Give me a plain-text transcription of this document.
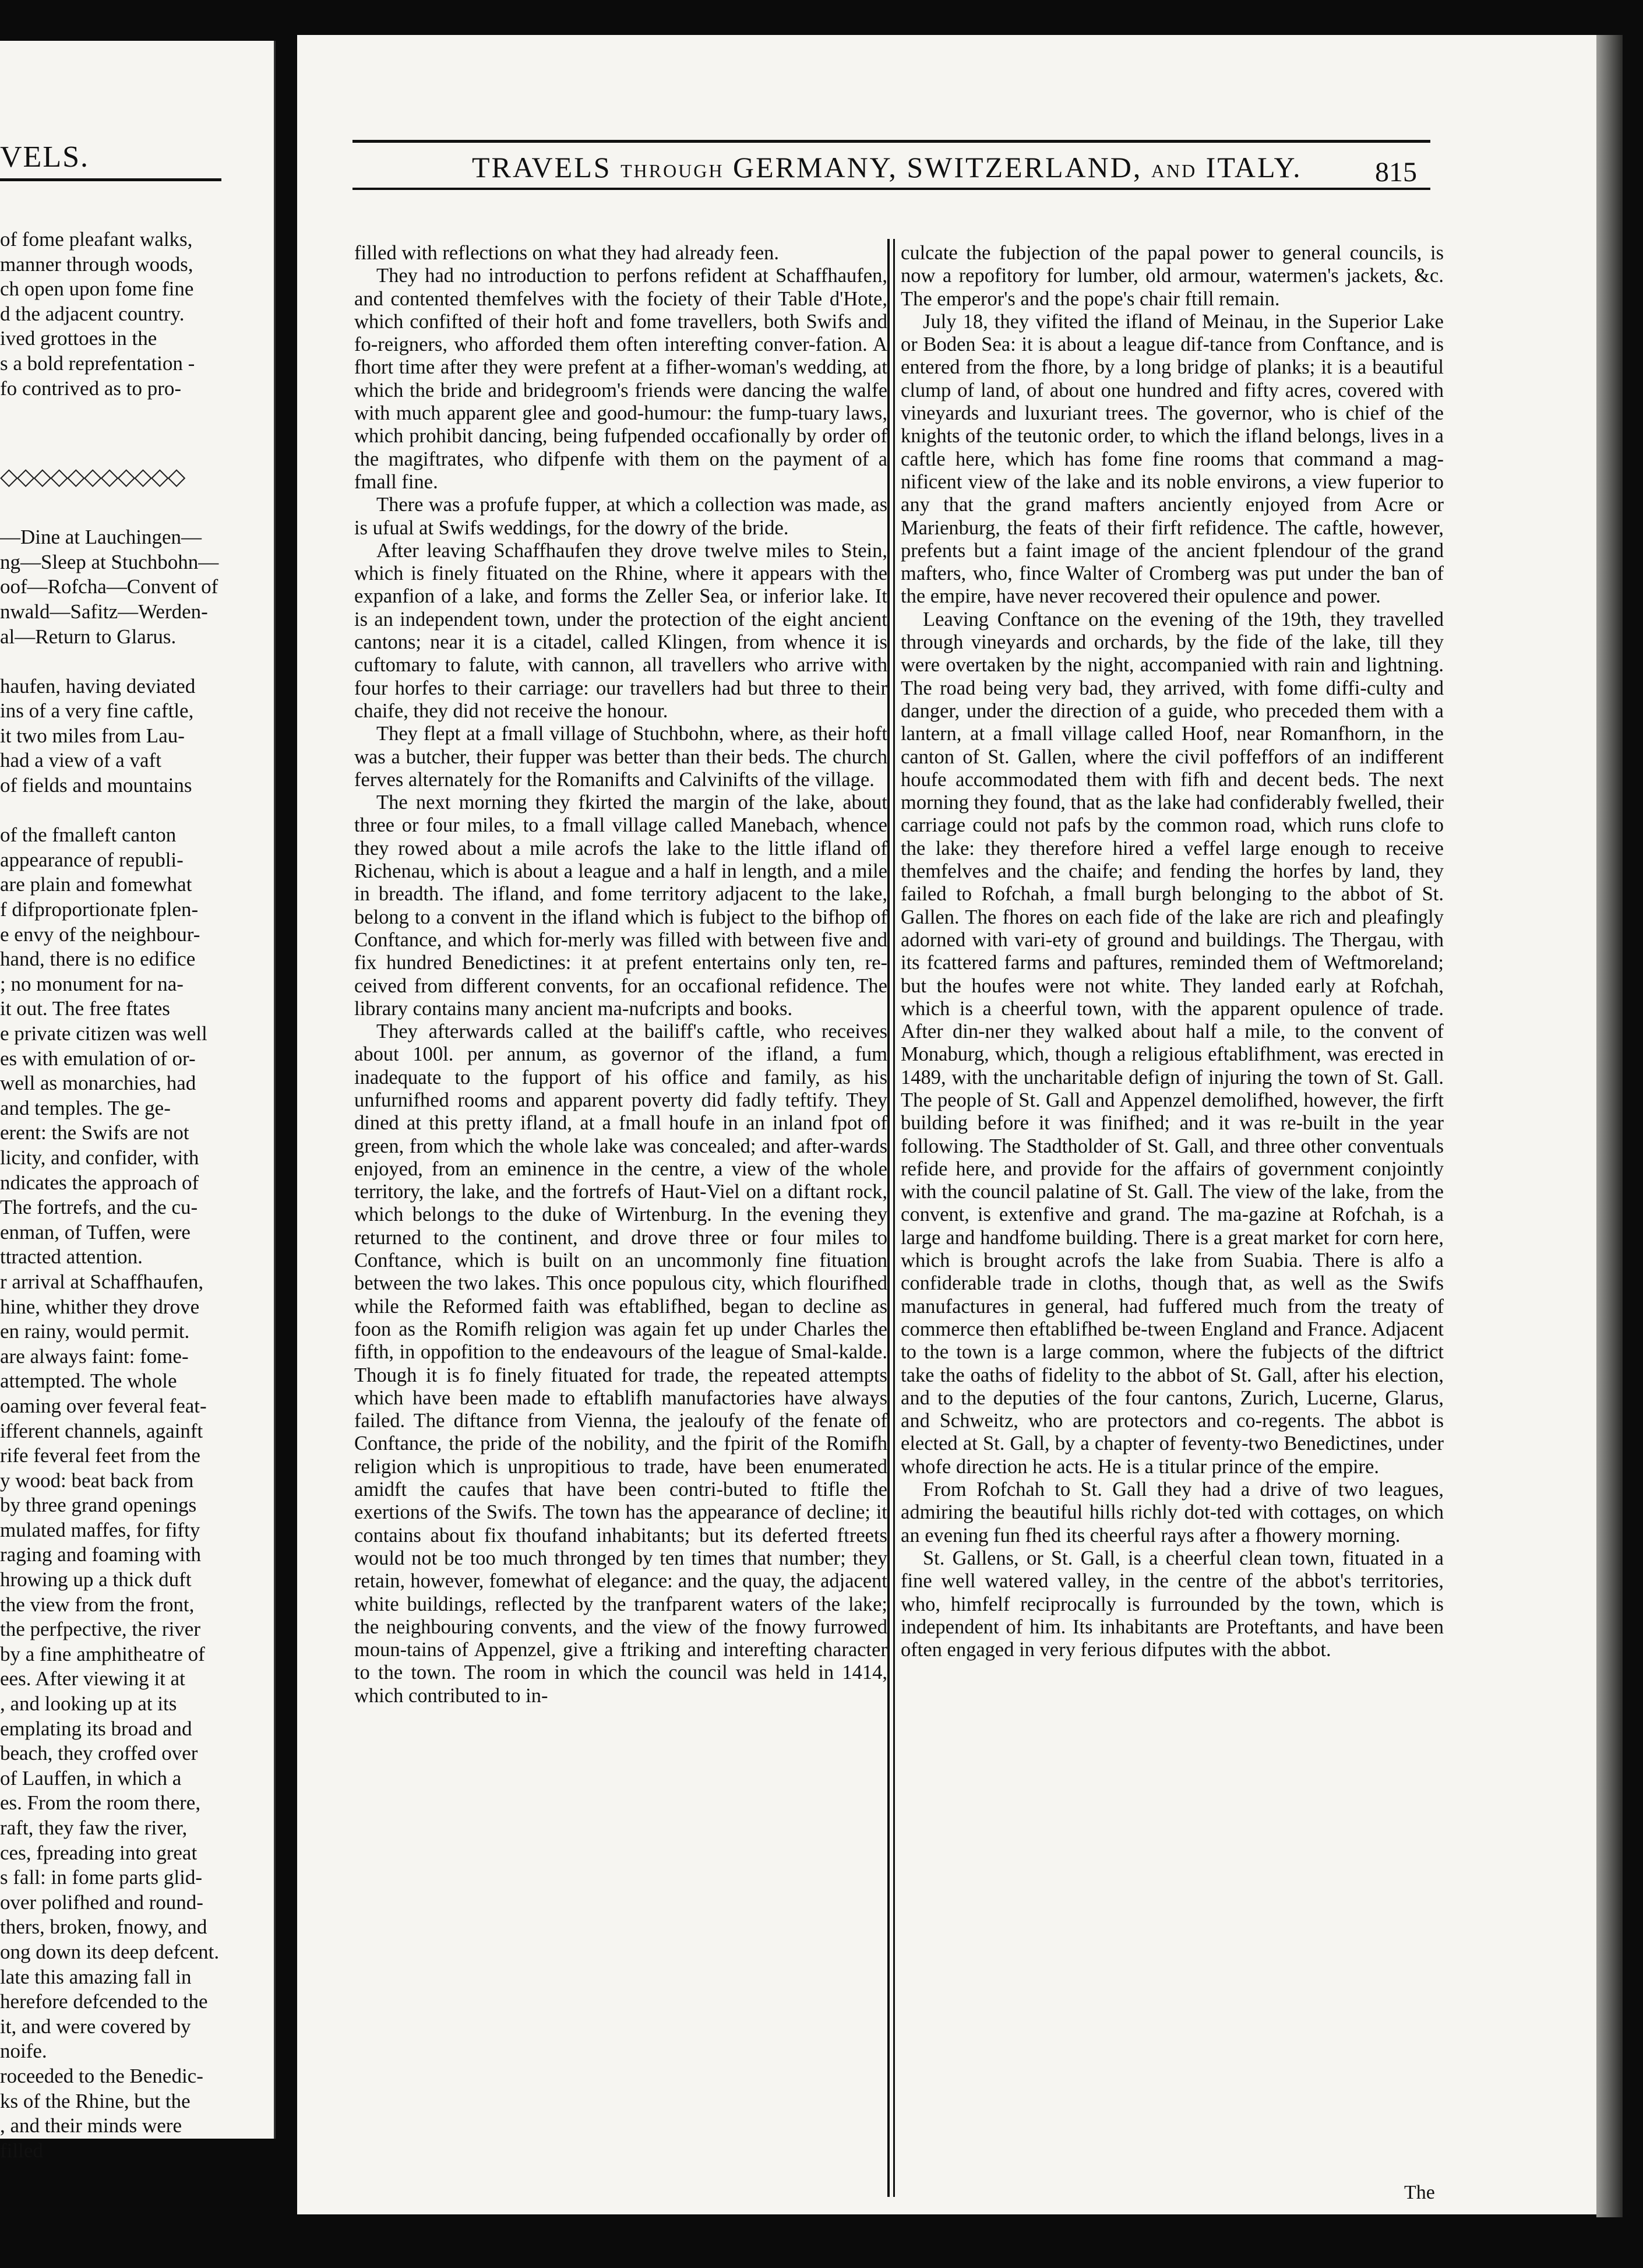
VELS.
◇◇◇◇◇◇◇◇◇◇◇

of fome pleafant walks,

manner through woods,

ch open upon fome fine

d the adjacent country.

ived grottoes in the

s a bold reprefentation -

fo contrived as to pro-

—Dine at Lauchingen—

ng—Sleep at Stuchbohn—

oof—Rofcha—Convent of

nwald—Safitz—Werden-

al—Return to Glarus.

haufen, having deviated

ins of a very fine caftle,

it two miles from Lau-

had a view of a vaft

of fields and mountains

of the fmalleft canton

appearance of republi-

are plain and fomewhat

f difproportionate fplen-

e envy of the neighbour-

hand, there is no edifice

; no monument for na-

it out. The free ftates

e private citizen was well

es with emulation of or-

well as monarchies, had

and temples. The ge-

erent: the Swifs are not

licity, and confider, with

ndicates the approach of

The fortrefs, and the cu-

enman, of Tuffen, were

ttracted attention.

r arrival at Schaffhaufen,

hine, whither they drove

en rainy, would permit.

are always faint: fome-

attempted. The whole

oaming over feveral feat-

ifferent channels, againft

rife feveral feet from the

y wood: beat back from

by three grand openings

mulated maffes, for fifty

raging and foaming with

hrowing up a thick duft

the view from the front,

the perfpective, the river

by a fine amphitheatre of

ees. After viewing it at

, and looking up at its

emplating its broad and

beach, they croffed over

of Lauffen, in which a

es. From the room there,

raft, they faw the river,

ces, fpreading into great

s fall: in fome parts glid-

over polifhed and round-

thers, broken, fnowy, and

ong down its deep defcent.

late this amazing fall in

herefore defcended to the

it, and were covered by

noife.

roceeded to the Benedic-

ks of the Rhine, but the

, and their minds were

filled

TRAVELS THROUGH GERMANY, SWITZERLAND, AND ITALY.	815

filled with reflections on what they had already feen.

They had no introduction to perfons refident at Schaffhaufen, and contented themfelves with the fociety of their Table d'Hote, which confifted of their hoft and fome travellers, both Swifs and fo-reigners, who afforded them often interefting conver-fation. A fhort time after they were prefent at a fifher-woman's wedding, at which the bride and bridegroom's friends were dancing the walfe with much apparent glee and good-humour: the fump-tuary laws, which prohibit dancing, being fufpended occafionally by order of the magiftrates, who difpenfe with them on the payment of a fmall fine.

There was a profufe fupper, at which a collection was made, as is ufual at Swifs weddings, for the dowry of the bride.

After leaving Schaffhaufen they drove twelve miles to Stein, which is finely fituated on the Rhine, where it appears with the expanfion of a lake, and forms the Zeller Sea, or inferior lake. It is an independent town, under the protection of the eight ancient cantons; near it is a citadel, called Klingen, from whence it is cuftomary to falute, with cannon, all travellers who arrive with four horfes to their carriage: our travellers had but three to their chaife, they did not receive the honour.

They flept at a fmall village of Stuchbohn, where, as their hoft was a butcher, their fupper was better than their beds. The church ferves alternately for the Romanifts and Calvinifts of the village.

The next morning they fkirted the margin of the lake, about three or four miles, to a fmall village called Manebach, whence they rowed about a mile acrofs the lake to the little ifland of Richenau, which is about a league and a half in length, and a mile in breadth. The ifland, and fome territory adjacent to the lake, belong to a convent in the ifland which is fubject to the bifhop of Conftance, and which for-merly was filled with between five and fix hundred Benedictines: it at prefent entertains only ten, re-ceived from different convents, for an occafional refidence. The library contains many ancient ma-nufcripts and books.

They afterwards called at the bailiff's caftle, who receives about 100l. per annum, as governor of the ifland, a fum inadequate to the fupport of his office and family, as his unfurnifhed rooms and apparent poverty did fadly teftify. They dined at this pretty ifland, at a fmall houfe in an inland fpot of green, from which the whole lake was concealed; and after-wards enjoyed, from an eminence in the centre, a view of the whole territory, the lake, and the fortrefs of Haut-Viel on a diftant rock, which belongs to the duke of Wirtenburg. In the evening they returned to the continent, and drove three or four miles to Conftance, which is built on an uncommonly fine fituation between the two lakes. This once populous city, which flourifhed while the Reformed faith was eftablifhed, began to decline as foon as the Romifh religion was again fet up under Charles the fifth, in oppofition to the endeavours of the league of Smal-kalde. Though it is fo finely fituated for trade, the repeated attempts which have been made to eftablifh manufactories have always failed. The diftance from Vienna, the jealoufy of the fenate of Conftance, the pride of the nobility, and the fpirit of the Romifh religion which is unpropitious to trade, have been enumerated amidft the caufes that have been contri-buted to ftifle the exertions of the Swifs. The town has the appearance of decline; it contains about fix thoufand inhabitants; but its deferted ftreets would not be too much thronged by ten times that number; they retain, however, fomewhat of elegance: and the quay, the adjacent white buildings, reflected by the tranfparent waters of the lake; the neighbouring convents, and the view of the fnowy furrowed moun-tains of Appenzel, give a ftriking and interefting character to the town. The room in which the council was held in 1414, which contributed to in-

culcate the fubjection of the papal power to general councils, is now a repofitory for lumber, old armour, watermen's jackets, &c. The emperor's and the pope's chair ftill remain.

July 18, they vifited the ifland of Meinau, in the Superior Lake or Boden Sea: it is about a league dif-tance from Conftance, and is entered from the fhore, by a long bridge of planks; it is a beautiful clump of land, of about one hundred and fifty acres, covered with vineyards and luxuriant trees. The governor, who is chief of the knights of the teutonic order, to which the ifland belongs, lives in a caftle here, which has fome fine rooms that command a mag-nificent view of the lake and its noble environs, a view fuperior to any that the grand mafters anciently enjoyed from Acre or Marienburg, the feats of their firft refidence. The caftle, however, prefents but a faint image of the ancient fplendour of the grand mafters, who, fince Walter of Cromberg was put under the ban of the empire, have never recovered their opulence and power.

Leaving Conftance on the evening of the 19th, they travelled through vineyards and orchards, by the fide of the lake, till they were overtaken by the night, accompanied with rain and lightning. The road being very bad, they arrived, with fome diffi-culty and danger, under the direction of a guide, who preceded them with a lantern, at a fmall village called Hoof, near Romanfhorn, in the canton of St. Gallen, where the civil poffeffors of an indifferent houfe accommodated them with fifh and decent beds. The next morning they found, that as the lake had confiderably fwelled, their carriage could not pafs by the common road, which runs clofe to the lake: they therefore hired a veffel large enough to receive themfelves and the chaife; and fending the horfes by land, they failed to Rofchah, a fmall burgh belonging to the abbot of St. Gallen. The fhores on each fide of the lake are rich and pleafingly adorned with vari-ety of ground and buildings. The Thergau, with its fcattered farms and paftures, reminded them of Weftmoreland; but the houfes were not white. They landed early at Rofchah, which is a cheerful town, with the apparent opulence of trade. After din-ner they walked about half a mile, to the convent of Monaburg, which, though a religious eftablifhment, was erected in 1489, with the uncharitable defign of injuring the town of St. Gall. The people of St. Gall and Appenzel demolifhed, however, the firft building before it was finifhed; and it was re-built in the year following. The Stadtholder of St. Gall, and three other conventuals refide here, and provide for the affairs of government conjointly with the council palatine of St. Gall. The view of the lake, from the convent, is extenfive and grand. The ma-gazine at Rofchah, is a large and handfome building. There is a great market for corn here, which is brought acrofs the lake from Suabia. There is alfo a confiderable trade in cloths, though that, as well as the Swifs manufactures in general, had fuffered much from the treaty of commerce then eftablifhed be-tween England and France. Adjacent to the town is a large common, where the fubjects of the diftrict take the oaths of fidelity to the abbot of St. Gall, after his election, and to the deputies of the four cantons, Zurich, Lucerne, Glarus, and Schweitz, who are protectors and co-regents. The abbot is elected at St. Gall, by a chapter of feventy-two Benedictines, under whofe direction he acts. He is a titular prince of the empire.

From Rofchah to St. Gall they had a drive of two leagues, admiring the beautiful hills richly dot-ted with cottages, on which an evening fun fhed its cheerful rays after a fhowery morning.

St. Gallens, or St. Gall, is a cheerful clean town, fituated in a fine well watered valley, in the centre of the abbot's territories, who, himfelf reciprocally is furrounded by the town, which is independent of him. Its inhabitants are Proteftants, and have been often engaged in very ferious difputes with the abbot.

The
